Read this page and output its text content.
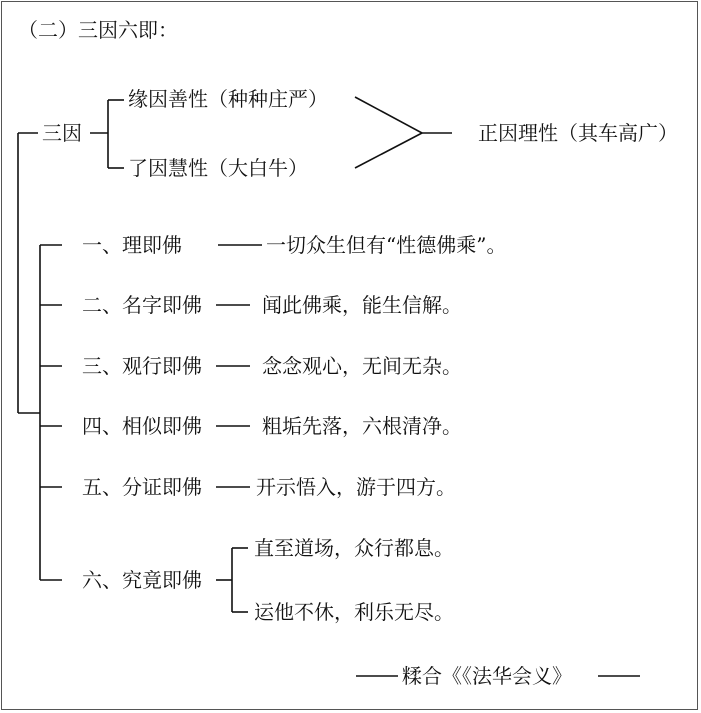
（二）三因六即：
三因
缘因善性（种种庄严）
了因慧性（大白牛）
正因理性（其车高广）
一、理即佛	一切众生但有“性德佛乘”。
二、名字即佛	闻此佛乘，能生信解。
三、观行即佛	念念观心，无间无杂。
四、相似即佛	粗垢先落，六根清净。
五、分证即佛	开示悟入，游于四方。
六、究竟即佛
直至道场，众行都息。
运他不休，利乐无尽。
糅合《《法华会义》
